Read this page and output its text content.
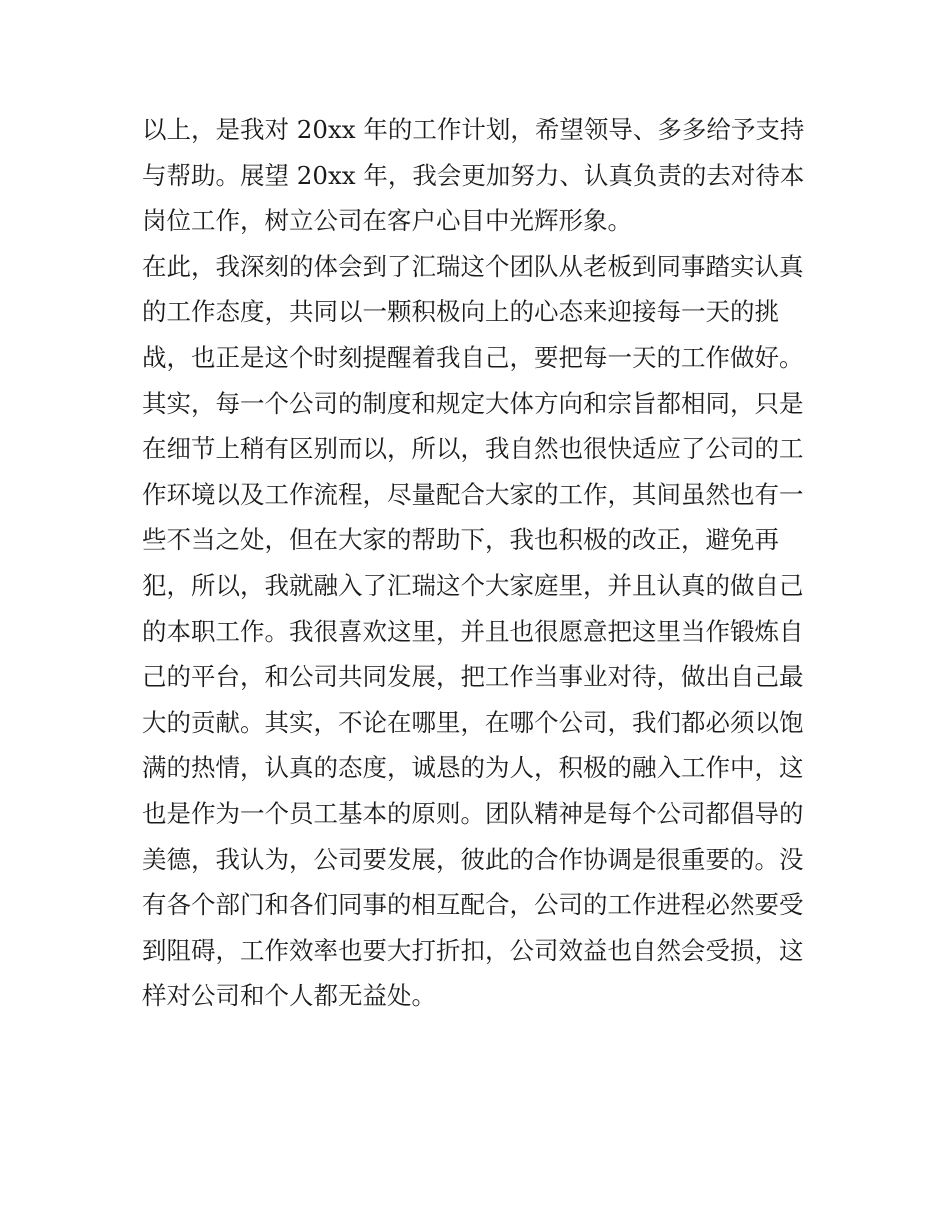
以上，是我对 20xx 年的工作计划，希望领导、多多给予支持
与帮助。展望 20xx 年，我会更加努力、认真负责的去对待本
岗位工作，树立公司在客户心目中光辉形象。
在此，我深刻的体会到了汇瑞这个团队从老板到同事踏实认真
的工作态度，共同以一颗积极向上的心态来迎接每一天的挑
战，也正是这个时刻提醒着我自己，要把每一天的工作做好。
其实，每一个公司的制度和规定大体方向和宗旨都相同，只是
在细节上稍有区别而以，所以，我自然也很快适应了公司的工
作环境以及工作流程，尽量配合大家的工作，其间虽然也有一
些不当之处，但在大家的帮助下，我也积极的改正，避免再
犯，所以，我就融入了汇瑞这个大家庭里，并且认真的做自己
的本职工作。我很喜欢这里，并且也很愿意把这里当作锻炼自
己的平台，和公司共同发展，把工作当事业对待，做出自己最
大的贡献。其实，不论在哪里，在哪个公司，我们都必须以饱
满的热情，认真的态度，诚恳的为人，积极的融入工作中，这
也是作为一个员工基本的原则。团队精神是每个公司都倡导的
美德，我认为，公司要发展，彼此的合作协调是很重要的。没
有各个部门和各们同事的相互配合，公司的工作进程必然要受
到阻碍，工作效率也要大打折扣，公司效益也自然会受损，这
样对公司和个人都无益处。
